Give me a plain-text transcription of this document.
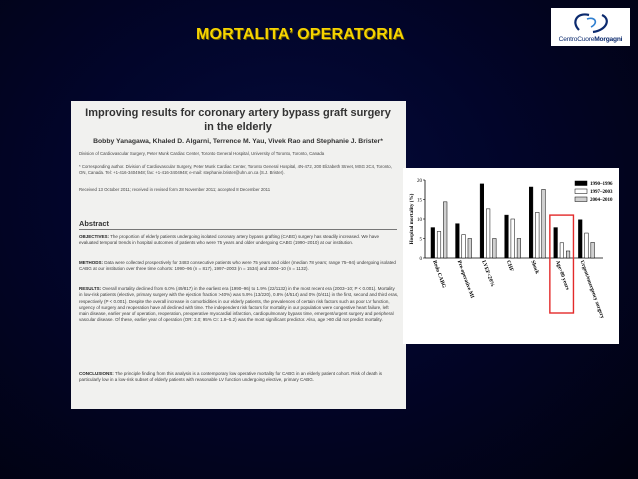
MORTALITA’ OPERATORIA	CentroCuoreMorgagni
Improving results for coronary artery bypass graft surgery
in the elderly
Bobby Yanagawa, Khaled D. Algarni, Terrence M. Yau, Vivek Rao and Stephanie J. Brister*
Division of Cardiovascular Surgery, Peter Munk Cardiac Center, Toronto General Hospital, University of Toronto, Toronto, Canada
* Corresponding author. Division of Cardiovascular Surgery, Peter Munk Cardiac Center, Toronto General Hospital, 4N-472, 200 Elizabeth Street, MSG 2C4, Toronto, ON, Canada. Tel: +1-416-3404948; fax: +1-416-3404948; e-mail: stephanie.brister@uhn.on.ca (S.J. Brister).
Received 13 October 2011; received in revised form 28 November 2011; accepted 8 December 2011
Abstract
OBJECTIVES: The proportion of elderly patients undergoing isolated coronary artery bypass grafting (CABG) surgery has steadily increased. We have evaluated temporal trends in hospital outcomes of patients who were 75 years and older undergoing CABG (1990–2010) at our institution.
METHODS: Data were collected prospectively for 3483 consecutive patients who were 75 years and older (median 78 years; range 75–94) undergoing isolated CABG at our institution over three time cohorts: 1990–96 (n = 817), 1997–2003 (n = 1534) and 2004–10 (n = 1132).
RESULTS: Overall mortality declined from 6.0% (49/817) in the earliest era (1990–96) to 1.9% (22/1132) in the most recent era (2003–10; P < 0.001). Mortality in low-risk patients (elective, primary surgery with the ejection fraction >40%) was 5.9% (13/220), 0.8% (4/514) and 0% (0/411) in the first, second and third eras, respectively (P < 0.001). Despite the overall increase in comorbidities in our elderly patients, the prevalences of certain risk factors such as poor LV function, urgency of surgery and reoperation have all declined with time. The independent risk factors for mortality in our population were congestive heart failure, left main disease, earlier year of operation, reoperation, preoperative myocardial infarction, cardiopulmonary bypass time, emergent/urgent surgery and peripheral vascular disease. Of these, earlier year of operation (OR: 3.0; 95% CI: 1.8–5.2) was the most significant predictor. Also, age >80 did not predict mortality.
CONCLUSIONS: The principle finding from this analysis is a contemporary low operative mortality for CABG in an elderly patient cohort. Risk of death is particularly low in a low-risk subset of elderly patients with reasonable LV function undergoing elective, primary CABG.
0
5
10
15
20
Hospital mortality (%)
Redo CABG Pre-operative MI LVEF<20% CHF	Shock	Age>80 years Urgent/emergency surgery
1990–1996
1997–2003
2004–2010
